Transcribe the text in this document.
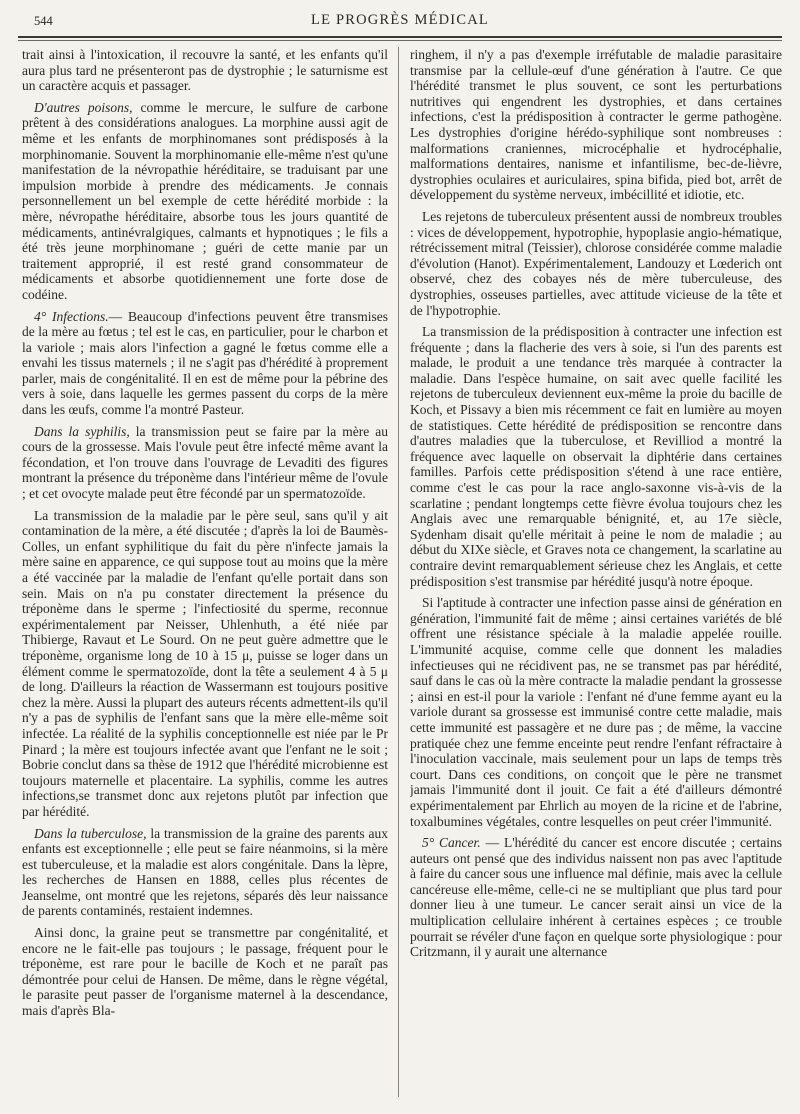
544	LE PROGRÈS MÉDICAL

trait ainsi à l'intoxication, il recouvre la santé, et les enfants qu'il aura plus tard ne présenteront pas de dystrophie ; le saturnisme est un caractère acquis et passager.

D'autres poisons, comme le mercure, le sulfure de carbone prêtent à des considérations analogues. La morphine aussi agit de même et les enfants de morphinomanes sont prédisposés à la morphinomanie. Souvent la morphinomanie elle-même n'est qu'une manifestation de la névropathie héréditaire, se traduisant par une impulsion morbide à prendre des médicaments. Je connais personnellement un bel exemple de cette hérédité morbide : la mère, névropathe héréditaire, absorbe tous les jours quantité de médicaments, antinévralgiques, calmants et hypnotiques ; le fils a été très jeune morphinomane ; guéri de cette manie par un traitement approprié, il est resté grand consommateur de médicaments et absorbe quotidiennement une forte dose de codéine.

4° Infections.— Beaucoup d'infections peuvent être transmises de la mère au fœtus ; tel est le cas, en particulier, pour le charbon et la variole ; mais alors l'infection a gagné le fœtus comme elle a envahi les tissus maternels ; il ne s'agit pas d'hérédité à proprement parler, mais de congénitalité. Il en est de même pour la pébrine des vers à soie, dans laquelle les germes passent du corps de la mère dans les œufs, comme l'a montré Pasteur.

Dans la syphilis, la transmission peut se faire par la mère au cours de la grossesse. Mais l'ovule peut être infecté même avant la fécondation, et l'on trouve dans l'ouvrage de Levaditi des figures montrant la présence du tréponème dans l'intérieur même de l'ovule ; et cet ovocyte malade peut être fécondé par un spermatozoïde.

La transmission de la maladie par le père seul, sans qu'il y ait contamination de la mère, a été discutée ; d'après la loi de Baumès-Colles, un enfant syphilitique du fait du père n'infecte jamais la mère saine en apparence, ce qui suppose tout au moins que la mère a été vaccinée par la maladie de l'enfant qu'elle portait dans son sein. Mais on n'a pu constater directement la présence du tréponème dans le sperme ; l'infectiosité du sperme, reconnue expérimentalement par Neisser, Uhlenhuth, a été niée par Thibierge, Ravaut et Le Sourd. On ne peut guère admettre que le tréponème, organisme long de 10 à 15 μ, puisse se loger dans un élément comme le spermatozoïde, dont la tête a seulement 4 à 5 μ de long. D'ailleurs la réaction de Wassermann est toujours positive chez la mère. Aussi la plupart des auteurs récents admettent-ils qu'il n'y a pas de syphilis de l'enfant sans que la mère elle-même soit infectée. La réalité de la syphilis conceptionnelle est niée par le Pr Pinard ; la mère est toujours infectée avant que l'enfant ne le soit ; Bobrie conclut dans sa thèse de 1912 que l'hérédité microbienne est toujours maternelle et placentaire. La syphilis, comme les autres infections,se transmet donc aux rejetons plutôt par infection que par hérédité.

Dans la tuberculose, la transmission de la graine des parents aux enfants est exceptionnelle ; elle peut se faire néanmoins, si la mère est tuberculeuse, et la maladie est alors congénitale. Dans la lèpre, les recherches de Hansen en 1888, celles plus récentes de Jeanselme, ont montré que les rejetons, séparés dès leur naissance de parents contaminés, restaient indemnes.

Ainsi donc, la graine peut se transmettre par congénitalité, et encore ne le fait-elle pas toujours ; le passage, fréquent pour le tréponème, est rare pour le bacille de Koch et ne paraît pas démontrée pour celui de Hansen. De même, dans le règne végétal, le parasite peut passer de l'organisme maternel à la descendance, mais d'après Bla-

ringhem, il n'y a pas d'exemple irréfutable de maladie parasitaire transmise par la cellule-œuf d'une génération à l'autre. Ce que l'hérédité transmet le plus souvent, ce sont les perturbations nutritives qui engendrent les dystrophies, et dans certaines infections, c'est la prédisposition à contracter le germe pathogène. Les dystrophies d'origine hérédo-syphilique sont nombreuses : malformations craniennes, microcéphalie et hydrocéphalie, malformations dentaires, nanisme et infantilisme, bec-de-lièvre, dystrophies oculaires et auriculaires, spina bifida, pied bot, arrêt de développement du système nerveux, imbécillité et idiotie, etc.

Les rejetons de tuberculeux présentent aussi de nombreux troubles : vices de développement, hypotrophie, hypoplasie angio-hématique, rétrécissement mitral (Teissier), chlorose considérée comme maladie d'évolution (Hanot). Expérimentalement, Landouzy et Lœderich ont observé, chez des cobayes nés de mère tuberculeuse, des dystrophies, osseuses partielles, avec attitude vicieuse de la tête et de l'hypotrophie.

La transmission de la prédisposition à contracter une infection est fréquente ; dans la flacherie des vers à soie, si l'un des parents est malade, le produit a une tendance très marquée à contracter la maladie. Dans l'espèce humaine, on sait avec quelle facilité les rejetons de tuberculeux deviennent eux-même la proie du bacille de Koch, et Pissavy a bien mis récemment ce fait en lumière au moyen de statistiques. Cette hérédité de prédisposition se rencontre dans d'autres maladies que la tuberculose, et Revilliod a montré la fréquence avec laquelle on observait la diphtérie dans certaines familles. Parfois cette prédisposition s'étend à une race entière, comme c'est le cas pour la race anglo-saxonne vis-à-vis de la scarlatine ; pendant longtemps cette fièvre évolua toujours chez les Anglais avec une remarquable bénignité, et, au 17e siècle, Sydenham disait qu'elle méritait à peine le nom de maladie ; au début du XIXe siècle, et Graves nota ce changement, la scarlatine au contraire devint remarquablement sérieuse chez les Anglais, et cette prédisposition s'est transmise par hérédité jusqu'à notre époque.

Si l'aptitude à contracter une infection passe ainsi de génération en génération, l'immunité fait de même ; ainsi certaines variétés de blé offrent une résistance spéciale à la maladie appelée rouille. L'immunité acquise, comme celle que donnent les maladies infectieuses qui ne récidivent pas, ne se transmet pas par hérédité, sauf dans le cas où la mère contracte la maladie pendant la grossesse ; ainsi en est-il pour la variole : l'enfant né d'une femme ayant eu la variole durant sa grossesse est immunisé contre cette maladie, mais cette immunité est passagère et ne dure pas ; de même, la vaccine pratiquée chez une femme enceinte peut rendre l'enfant réfractaire à l'inoculation vaccinale, mais seulement pour un laps de temps très court. Dans ces conditions, on conçoit que le père ne transmet jamais l'immunité dont il jouit. Ce fait a été d'ailleurs démontré expérimentalement par Ehrlich au moyen de la ricine et de l'abrine, toxalbumines végétales, contre lesquelles on peut créer l'immunité.

5° Cancer. — L'hérédité du cancer est encore discutée ; certains auteurs ont pensé que des individus naissent non pas avec l'aptitude à faire du cancer sous une influence mal définie, mais avec la cellule cancéreuse elle-même, celle-ci ne se multipliant que plus tard pour donner lieu à une tumeur. Le cancer serait ainsi un vice de la multiplication cellulaire inhérent à certaines espèces ; ce trouble pourrait se révéler d'une façon en quelque sorte physiologique : pour Critzmann, il y aurait une alternance
